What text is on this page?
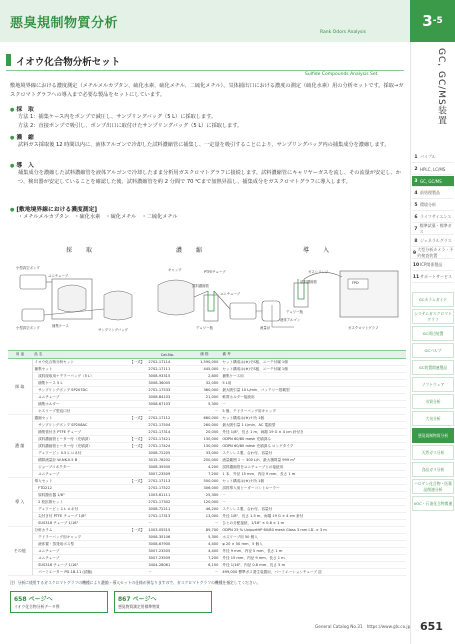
悪臭規制物質分析
Rank Odors Analysis
3 -5
GC, GC/MS装置
1 パイプル
2 HPLC, LC/MS
3 GC, GC/MS
4 前処理製品
5 環境分析
6 ライフサイエンス
7
標準試薬・標準ガス
8 ジェネラルグラス
9
大型分析カメラ・予約検査装置
10 ICP関係製品
11 サポートサービス
GCカラムガイド
システムガスクロマトグラフ
GC周辺装置
GCパルブ
GC装置関連製品
ソフトウェア
水質分析
大気分析
悪臭規制物質分析
天然ガス分析
食品ガス分析
ハロゲン化合物・医薬品関連分析
VOC・石油化合物関連
イオウ化合物分析セット
Sulfide Compounds Analysis Set
敷地境界線における濃度測定（メチルメルカプタン、硫化水素、硫化メチル、二硫化メチル）、気体捕出口における濃度の測定（硫化水素）用の分析セットです。採取→ガスクロマトグラフへの導入まで必要な製品をセットにしています。
● 採　取
方法 1：捕集ケース内をポンプで減圧し、サンプリングバッグ（5 L）に採取します。
方法 2：直接ポンプで吸引し、ポンプ出口に取付けたサンプリングバッグ（5 L）に採取します。
● 濃　縮
試料ガス採取後 12 時間以内に、液体アルゴンで冷却した試料濃縮管に捕集し、一定量を吸引することにより、サンプリングバッグ内の捕集成分を濃縮します。
● 導　入
捕集成分を濃縮した試料濃縮管を液体アルゴンで冷却したまま分析用ガスクロマトグラフに接続します。試料濃縮管にキャリヤーガスを流し、その流量が安定し、かつ、検出器が安定していることを確認した後、試料濃縮管を約 2 分間で 70 ℃まで加熱昇温し、捕集成分をガスクロマトグラフに導入します。
● [敷地境界線における濃度測定]
・メチルメルカプタン　・硫化水素　・硫化メチル　・二硫化メチル
採　取	濃　縮	導　入
小型真空ポンプ
ユニチューブ
捕集ケース
小型真空ポンプ	サンプリングバッグ
PTFEチューブ
ユニチューブ
試料濃縮管
キャップ
流量計
デュワー瓶
ガスシリンジ
液体アルゴン
試料濃縮管
デュワー瓶
FPD
ガスクロマトグラフ
用 途	品 名		Cat.No.	価 格	備 考
採 取	イオウ化合物分析セット	【一式】	2702-17114	1,590,000	セット構成は(※)でS板、ニーテ付属 1個
	捕集セット		2702-17111	445,000	セット構成は(※)でS板、ニーテ付属 1個
	　試料採取用ナデラーバッグ（5 L）		3008-93315	2,800	捕集ケース用
	　捕集ケース 5 L		3008-36005	32,000	5 L用
	　サンプリングポンプ SP207DC		2702-17533	360,000	最大吸引量 10 L/min、バッテリー搭載型
	　ユニチューブ		3008-84103	21,000	軟質ホルダー接続用
	　捕集ホルダー		3008-67103	5,300	－
	　ホスリーブ型直口付		－	－	5 個、テドラーバッグ用キャップ
濃 縮	濃縮セット	【一式】	2702-17112	660,000	セット構成は(※)ケ所 1個
	　サンプリングポンプ SP208AC		2702-17504	260,000	最大吸引量 1 L/min、AC 電源型
	　捕集管付き PTFE チューブ		2702-17314	20,000	外径 1/8"、長さ 1 m、両端 19 G × 4 cm 針付き
	　試料濃縮管ヒーター付（充填済）	【一式】	2702-17421	130,000	ODPN 60/80 mesh 充填済み
	　試料濃縮管ヒーター付（充填済）	【一式】	2702-17424	130,000	ODPN 60/80 mesh 充填済み ロングタイプ
	　デュワーピン 0.5 L ロネ付		3008-72205	33,000	ステンレス製、合わ付、容量付
	　積算流量計 W-NK-0.5 B		3015-78202	250,000	流量範囲 1 ～ 300 L/h、最大積算量 999 m³
	　ジョーブコネクター		3008-35500	4,200	試料濃縮管をユニチューブとの接続用
	　ユニチューブ		3007-23509	7,200	1 本、外径 15 mm、内径 9 mm、長さ 1 m
導 入	導入セット	【一式】	2702-17113	500,000	セット構成は(※)ケ所 1個
	　FTD212		2702-17522	306,000	試料導入用ヒーターコントローラー
	　原料撥出器 1/8"		1003-61111	25,300	－
	　2 枚拡散セット		2702-17302	120,000	－
	　デュワービン 1 L ロネ付		3008-72211	46,200	ステンレス製、合わ付、容量付
	　尖付き付 PTFE チューブ 1/8"		2702-17313	13,000	外径 1/8"、長さ 1.5 m、両端 19 G × 4 cm 針付
	　SUS316 チューブ 1/16"		－	－	ひとの分配接続、1/16" × 0.8 × 1 m
その他	分析カラム	【一式】	1003-05515	89,700	ODPN 25 % UniportHP 60/80 mesh Glass 3 mm I.D. × 3 m
	　テドラーバッグ用キャップ		3008-35106	5,300	ホスリーブ用 50 個入
	　液体置・蒸発用ボス型		3008-67900	4,400	φ 20 × 50 mm、5 個入
	　ユニチューブ		3007-23505	4,400	外径 9 mm、内径 5 mm、長さ 1 m
	　ユニチューブ		3007-23509	7,200	外径 15 mm、内径 9 mm、長さ 1 m
	　SUS316 チューブ 1/16"		3404-28061	6,100	外径 1/16"、内径 0.8 mm、長さ 5 m
	　パーミエーター PD-1B-11 (試験)		－	－	499,000 標準ガス発生装置用、パーミエーションチューブ 溶
注）分析に使用するガスクロマトグラフの機種により濃縮・導入セットの仕様が異なりますので、ガスクロマトグラフの機種を指定してください。
658 ページへ
イオウ化合物分析データ例
867 ページへ
悪臭物質測定用標準物質
General Catalog No.31　https://www.gls.co.jp 651
